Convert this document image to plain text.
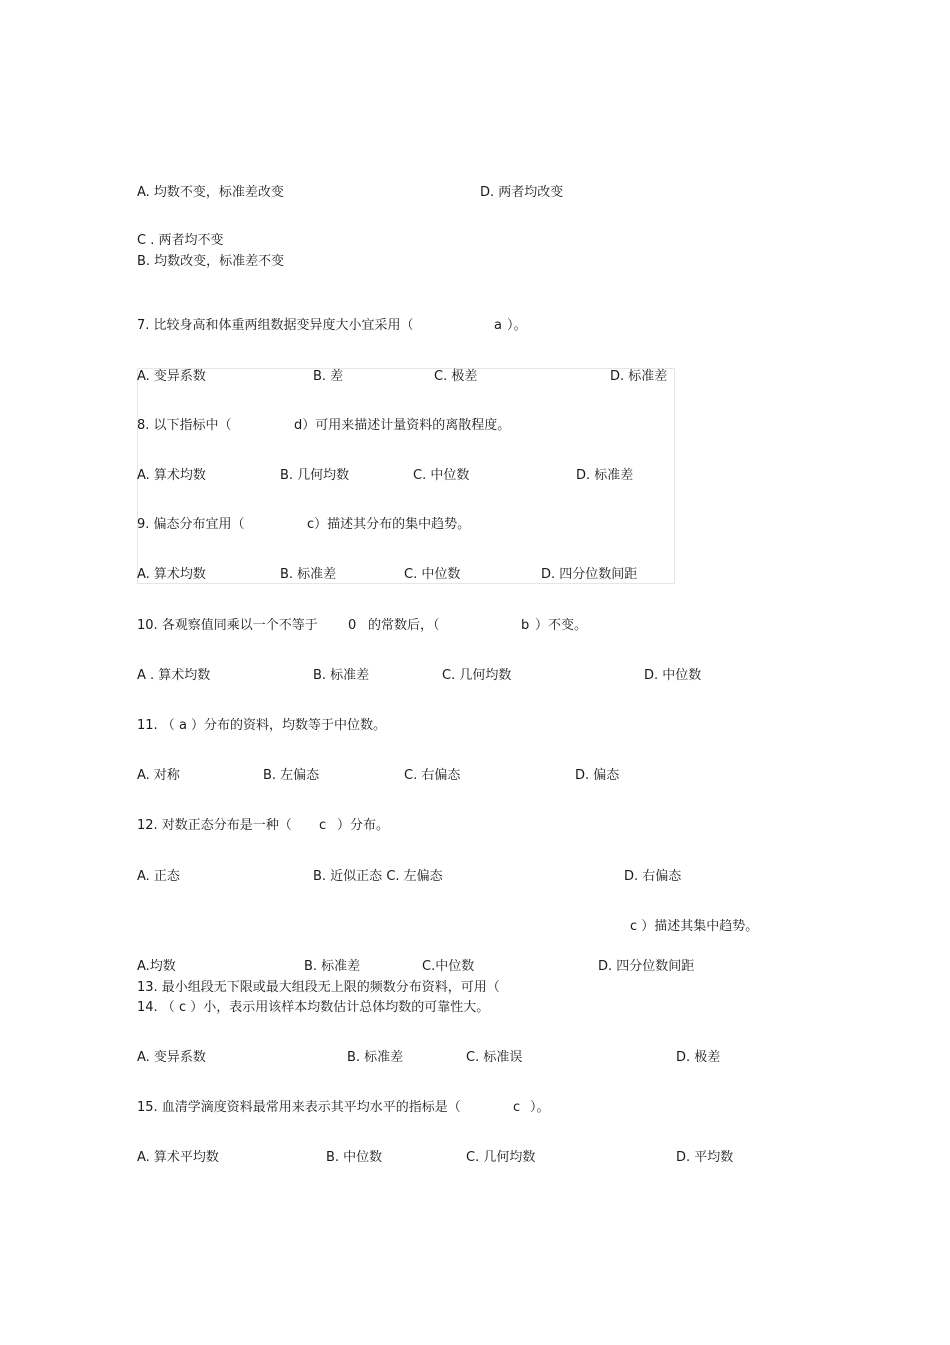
A. 均数不变，标准差改变	D. 两者均改变
C . 两者均不变
B. 均数改变，标准差不变
7. 比较身高和体重两组数据变异度大小宜采用（	a ）。
A. 变异系数	B. 差	C. 极差	D. 标准差
8. 以下指标中（	d）可用来描述计量资料的离散程度。
A. 算术均数	B. 几何均数	C. 中位数	D. 标准差
9. 偏态分布宜用（	c）描述其分布的集中趋势。
A. 算术均数	B. 标准差	C. 中位数	D. 四分位数间距
10. 各观察值同乘以一个不等于 0 的常数后，（	b ）不变。
A . 算术均数	B. 标准差	C. 几何均数	D. 中位数
11. （ a ）分布的资料，均数等于中位数。
A. 对称	B. 左偏态	C. 右偏态	D. 偏态
12. 对数正态分布是一种（ c ）分布。
A. 正态	B. 近似正态 C. 左偏态	D. 右偏态
c ）描述其集中趋势。
A.均数	B. 标准差	C.中位数	D. 四分位数间距
13. 最小组段无下限或最大组段无上限的频数分布资料，可用（
14. （ c ）小，表示用该样本均数估计总体均数的可靠性大。
A. 变异系数	B. 标准差	C. 标准误	D. 极差
15. 血清学滴度资料最常用来表示其平均水平的指标是（	c ）。
A. 算术平均数	B. 中位数	C. 几何均数	D. 平均数
